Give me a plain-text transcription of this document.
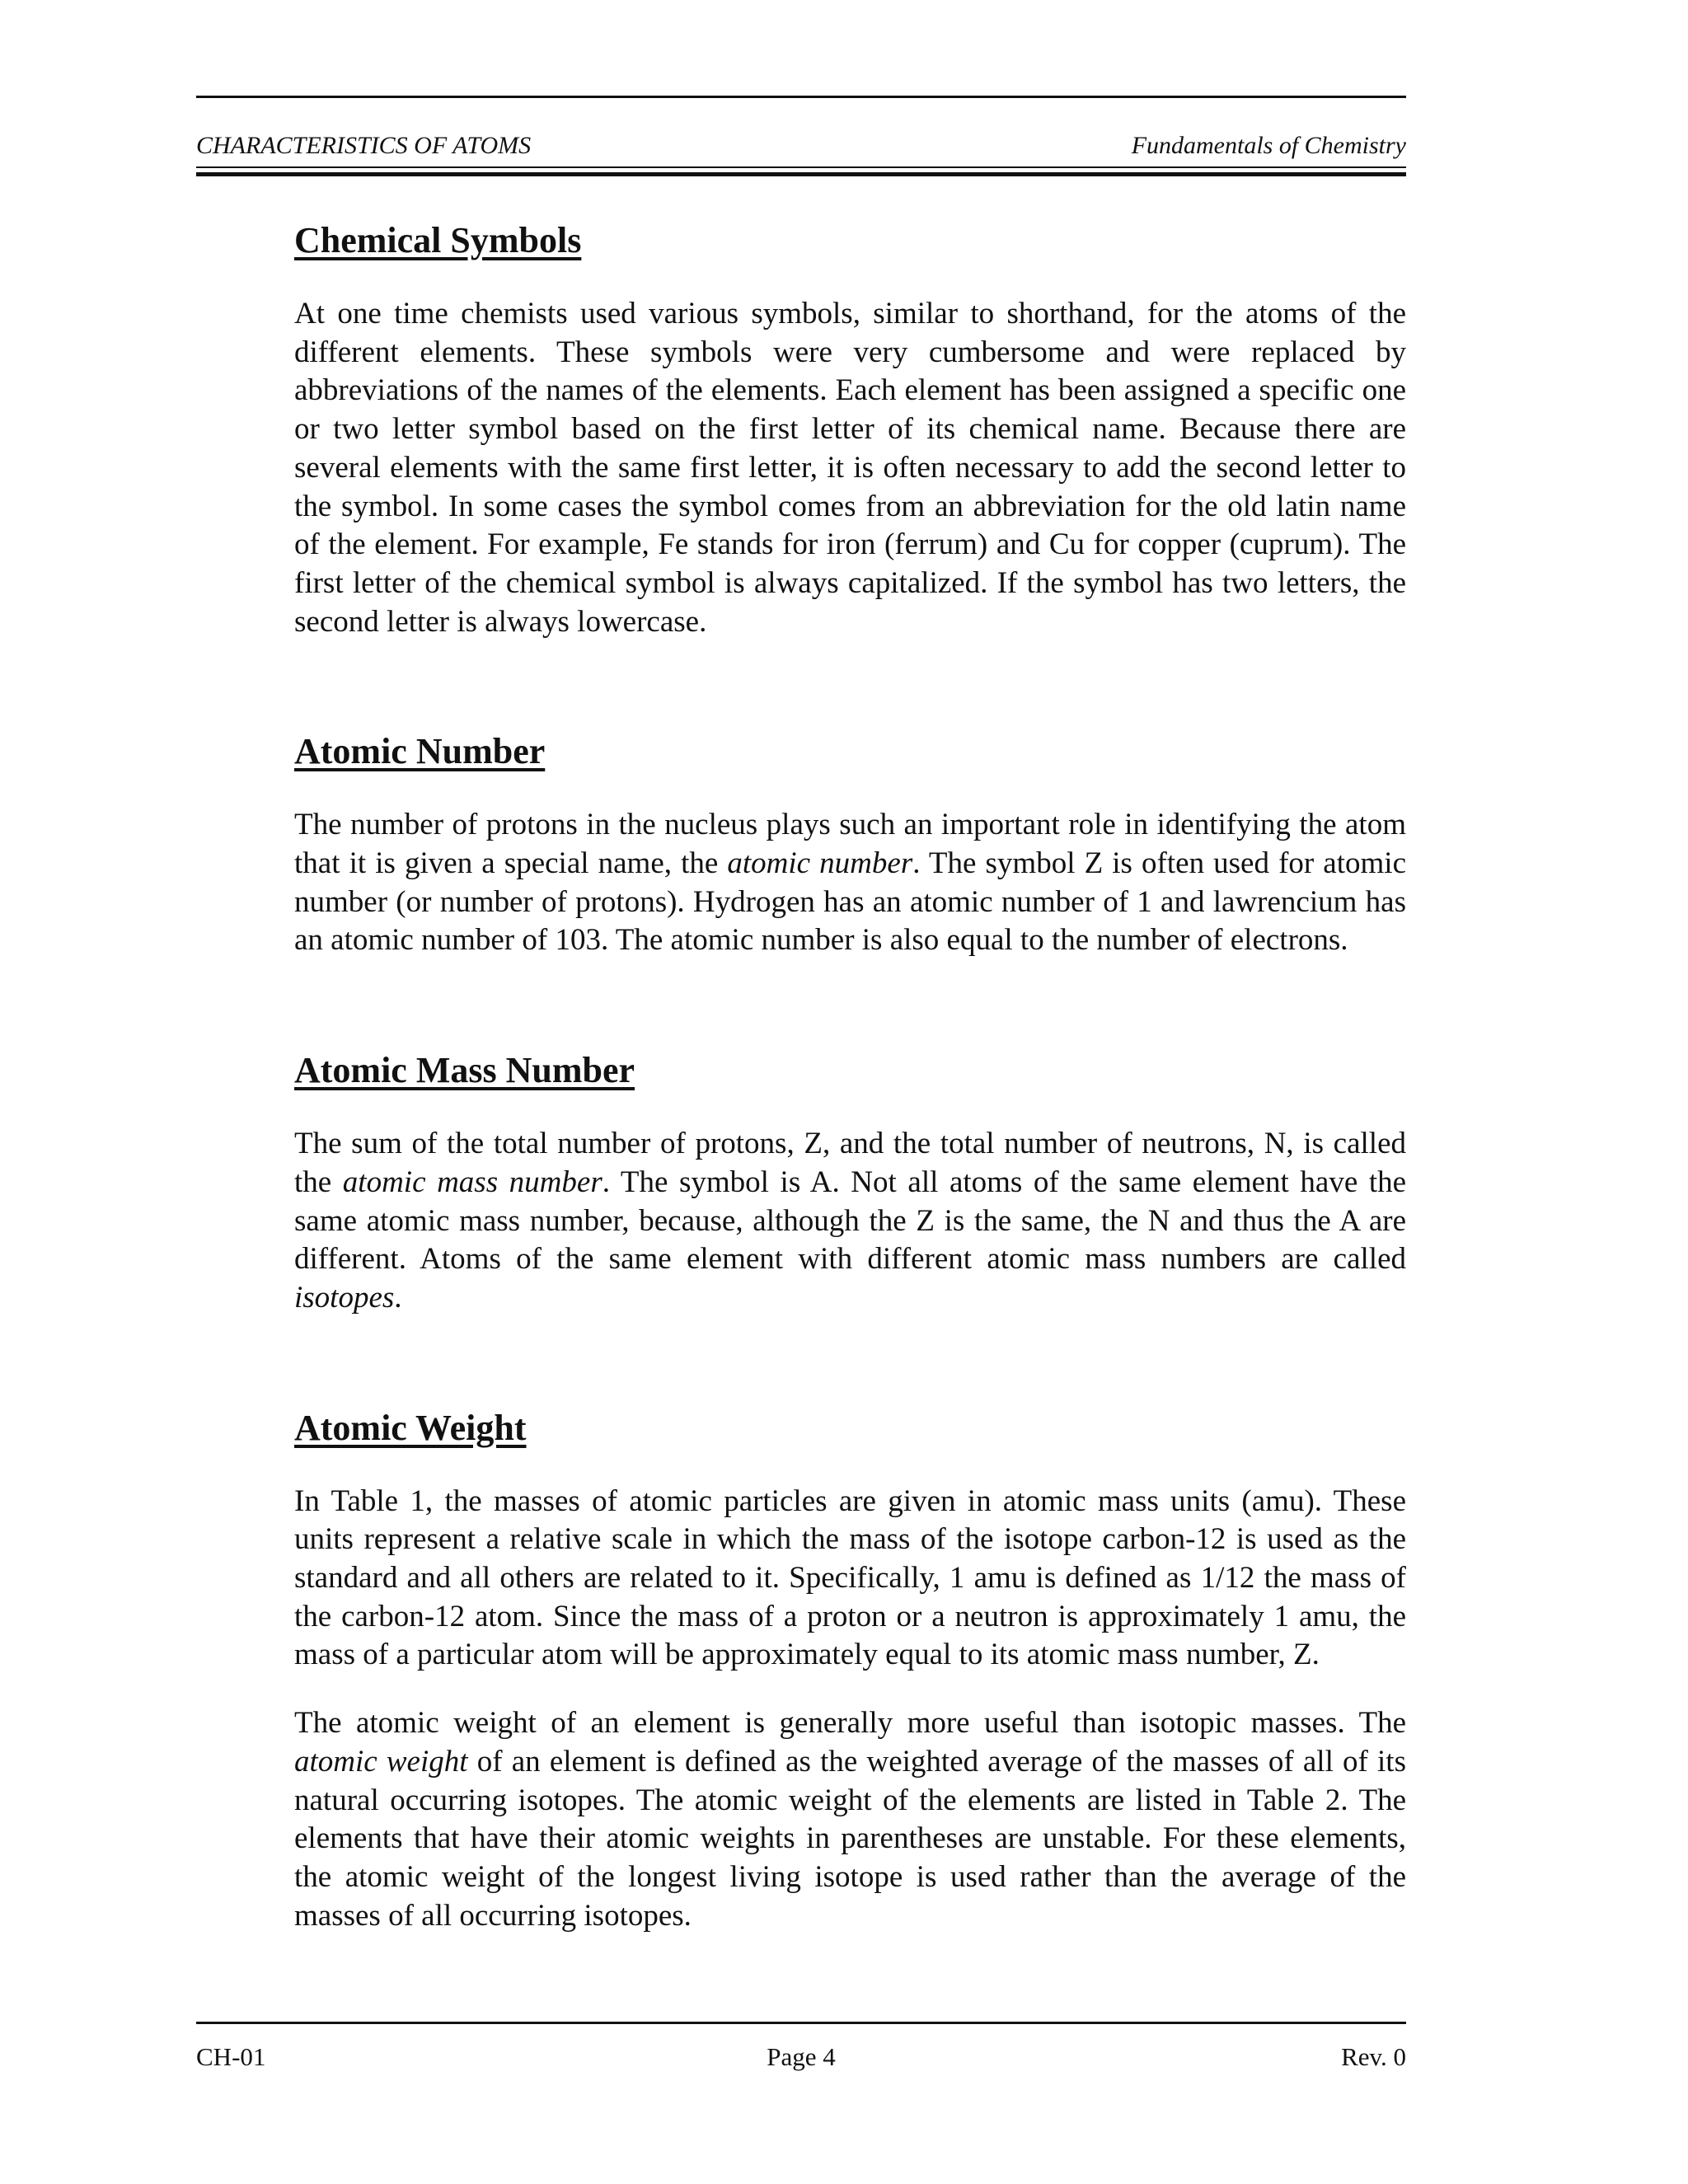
CHARACTERISTICS OF ATOMS	Fundamentals of Chemistry
Chemical Symbols

At one time chemists used various symbols, similar to shorthand, for the atoms of the different elements. These symbols were very cumbersome and were replaced by abbreviations of the names of the elements. Each element has been assigned a specific one or two letter symbol based on the first letter of its chemical name. Because there are several elements with the same first letter, it is often necessary to add the second letter to the symbol. In some cases the symbol comes from an abbreviation for the old latin name of the element. For example, Fe stands for iron (ferrum) and Cu for copper (cuprum). The first letter of the chemical symbol is always capitalized. If the symbol has two letters, the second letter is always lowercase.

Atomic Number

The number of protons in the nucleus plays such an important role in identifying the atom that it is given a special name, the atomic number. The symbol Z is often used for atomic number (or number of protons). Hydrogen has an atomic number of 1 and lawrencium has an atomic number of 103. The atomic number is also equal to the number of electrons.

Atomic Mass Number

The sum of the total number of protons, Z, and the total number of neutrons, N, is called the atomic mass number. The symbol is A. Not all atoms of the same element have the same atomic mass number, because, although the Z is the same, the N and thus the A are different. Atoms of the same element with different atomic mass numbers are called isotopes.

Atomic Weight

In Table 1, the masses of atomic particles are given in atomic mass units (amu). These units represent a relative scale in which the mass of the isotope carbon-12 is used as the standard and all others are related to it. Specifically, 1 amu is defined as 1/12 the mass of the carbon-12 atom. Since the mass of a proton or a neutron is approximately 1 amu, the mass of a particular atom will be approximately equal to its atomic mass number, Z.

The atomic weight of an element is generally more useful than isotopic masses. The atomic weight of an element is defined as the weighted average of the masses of all of its natural occurring isotopes. The atomic weight of the elements are listed in Table 2. The elements that have their atomic weights in parentheses are unstable. For these elements, the atomic weight of the longest living isotope is used rather than the average of the masses of all occurring isotopes.

CH-01	Page 4	Rev. 0
